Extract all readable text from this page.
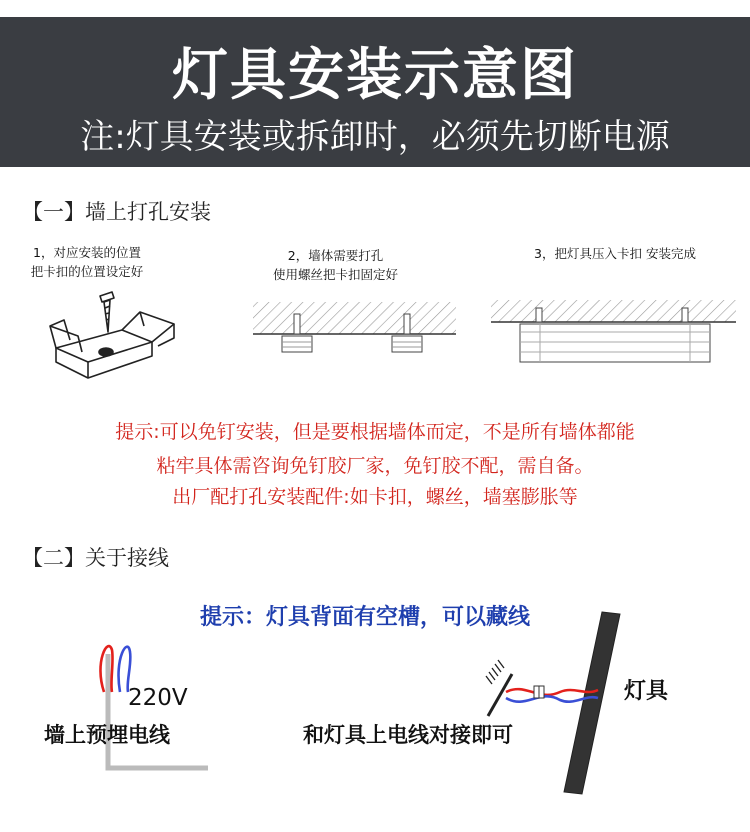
灯具安装示意图
注:灯具安装或拆卸时，必须先切断电源
【一】墙上打孔安装
1，对应安装的位置
把卡扣的位置设定好
2，墙体需要打孔
使用螺丝把卡扣固定好
3，把灯具压入卡扣 安装完成
提示:可以免钉安装，但是要根据墙体而定，不是所有墙体都能
粘牢具体需咨询免钉胶厂家，免钉胶不配，需自备。
出厂配打孔安装配件:如卡扣，螺丝，墙塞膨胀等
【二】关于接线
提示：灯具背面有空槽，可以藏线
220V
墙上预埋电线
灯具
和灯具上电线对接即可
